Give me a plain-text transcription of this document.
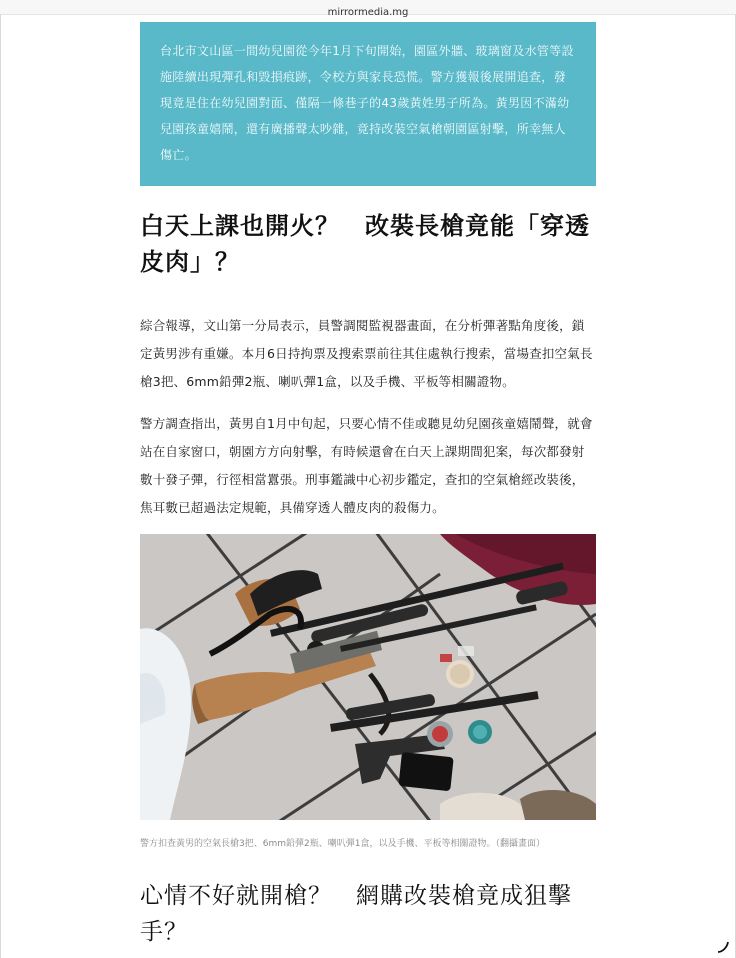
mirrormedia.mg
台北市文山區一間幼兒園從今年1月下旬開始，園區外牆、玻璃窗及水管等設施陸續出現彈孔和毀損痕跡，令校方與家長恐慌。警方獲報後展開追查，發現竟是住在幼兒園對面、僅隔一條巷子的43歲黃姓男子所為。黃男因不滿幼兒園孩童嬉鬧，還有廣播聲太吵雜，竟持改裝空氣槍朝園區射擊，所幸無人傷亡。
白天上課也開火？　改裝長槍竟能「穿透皮肉」？
綜合報導，文山第一分局表示，員警調閱監視器畫面，在分析彈著點角度後，鎖定黃男涉有重嫌。本月6日持拘票及搜索票前往其住處執行搜索，當場查扣空氣長槍3把、6mm鉛彈2瓶、喇叭彈1盒，以及手機、平板等相關證物。
警方調查指出，黃男自1月中旬起，只要心情不佳或聽見幼兒園孩童嬉鬧聲，就會站在自家窗口，朝園方方向射擊，有時候還會在白天上課期間犯案，每次都發射數十發子彈，行徑相當囂張。刑事鑑識中心初步鑑定，查扣的空氣槍經改裝後，焦耳數已超過法定規範，具備穿透人體皮肉的殺傷力。
警方扣查黃男的空氣長槍3把、6mm鉛彈2瓶、喇叭彈1盒，以及手機、平板等相關證物。（翻攝畫面）
心情不好就開槍？　網購改裝槍竟成狙擊手？
